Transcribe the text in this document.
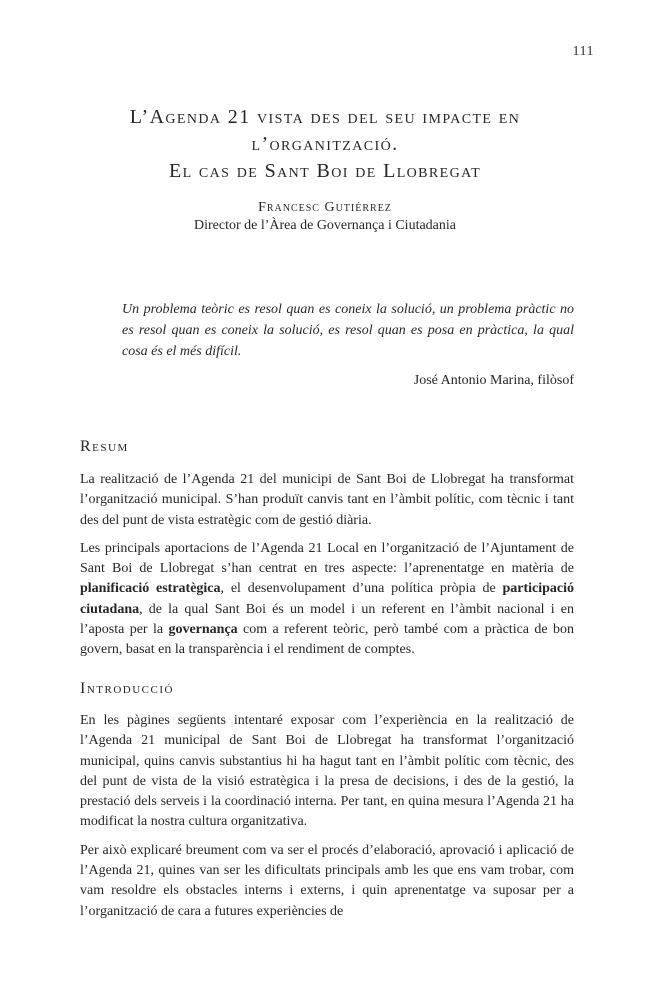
111
L’Agenda 21 vista des del seu impacte en
l’organització.
El cas de Sant Boi de Llobregat
Francesc Gutiérrez
Director de l’Àrea de Governança i Ciutadania

Un problema teòric es resol quan es coneix la solució, un problema pràctic no es resol quan es coneix la solució, es resol quan es posa en pràctica, la qual cosa és el més difícil.

José Antonio Marina, filòsof
Resum

La realització de l’Agenda 21 del municipi de Sant Boi de Llobregat ha transformat l’organització municipal. S’han produït canvis tant en l’àmbit polític, com tècnic i tant des del punt de vista estratègic com de gestió diària.

Les principals aportacions de l’Agenda 21 Local en l’organització de l’Ajuntament de Sant Boi de Llobregat s’han centrat en tres aspecte: l’aprenentatge en matèria de planificació estratègica, el desenvolupament d’una política pròpia de participació ciutadana, de la qual Sant Boi és un model i un referent en l’àmbit nacional i en l’aposta per la governança com a referent teòric, però també com a pràctica de bon govern, basat en la transparència i el rendiment de comptes.

Introducció

En les pàgines següents intentaré exposar com l’experiència en la realització de l’Agenda 21 municipal de Sant Boi de Llobregat ha transformat l’organització municipal, quins canvis substantius hi ha hagut tant en l’àmbit polític com tècnic, des del punt de vista de la visió estratègica i la presa de decisions, i des de la gestió, la prestació dels serveis i la coordinació interna. Per tant, en quina mesura l’Agenda 21 ha modificat la nostra cultura organitzativa.

Per això explicaré breument com va ser el procés d’elaboració, aprovació i aplicació de l’Agenda 21, quines van ser les dificultats principals amb les que ens vam trobar, com vam resoldre els obstacles interns i externs, i quin aprenentatge va suposar per a l’organització de cara a futures experiències de
